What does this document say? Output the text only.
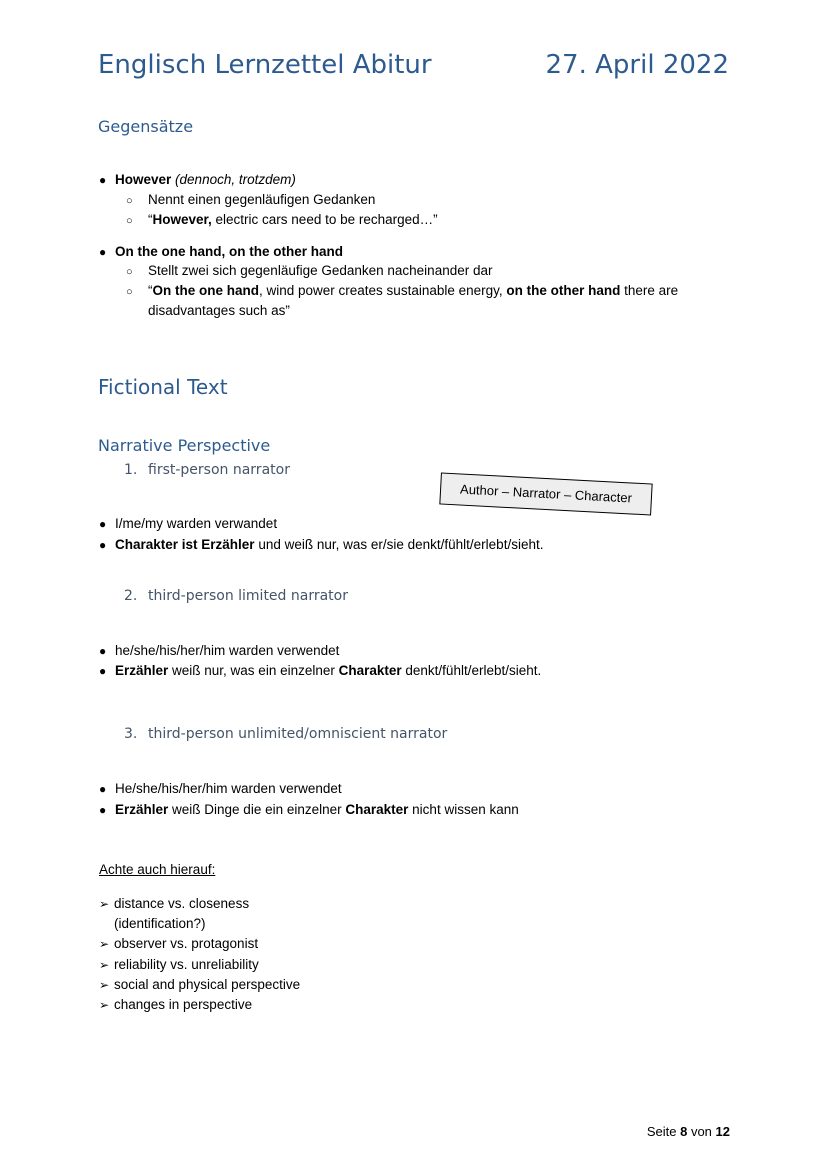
Englisch Lernzettel Abitur	27. April 2022
Gegensätze
● However (dennoch, trotzdem)
○ Nennt einen gegenläufigen Gedanken
○ “However, electric cars need to be recharged…”
● On the one hand, on the other hand
○ Stellt zwei sich gegenläufige Gedanken nacheinander dar
○ “On the one hand, wind power creates sustainable energy, on the other hand there are
disadvantages such as”
Fictional Text
Narrative Perspective
1. first-person narrator
Author – Narrator – Character
● I/me/my warden verwandet
● Charakter ist Erzähler und weiß nur, was er/sie denkt/fühlt/erlebt/sieht.
2. third-person limited narrator
● he/she/his/her/him warden verwendet
● Erzähler weiß nur, was ein einzelner Charakter denkt/fühlt/erlebt/sieht.
3. third-person unlimited/omniscient narrator
● He/she/his/her/him warden verwendet
● Erzähler weiß Dinge die ein einzelner Charakter nicht wissen kann
Achte auch hierauf:
➢ distance vs. closeness
(identification?)
➢ observer vs. protagonist
➢ reliability vs. unreliability
➢ social and physical perspective
➢ changes in perspective
Seite 8 von 12
